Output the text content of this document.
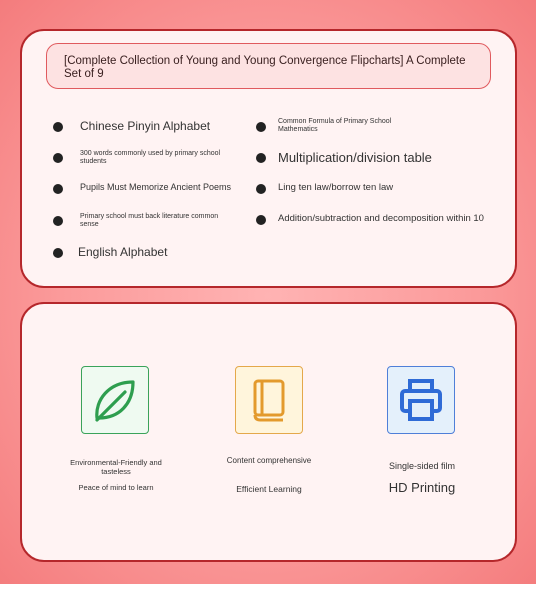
[Complete Collection of Young and Young Convergence Flipcharts] A Complete Set of 9
Chinese Pinyin Alphabet
300 words commonly used by primary school students
Pupils Must Memorize Ancient Poems
Primary school must back literature common sense
English Alphabet
Common Formula of Primary School Mathematics
Multiplication/division table
Ling ten law/borrow ten law
Addition/subtraction and decomposition within 10
Environmental-Friendly and tasteless
Peace of mind to learn
Content comprehensive
Efficient Learning
Single-sided film
HD Printing
